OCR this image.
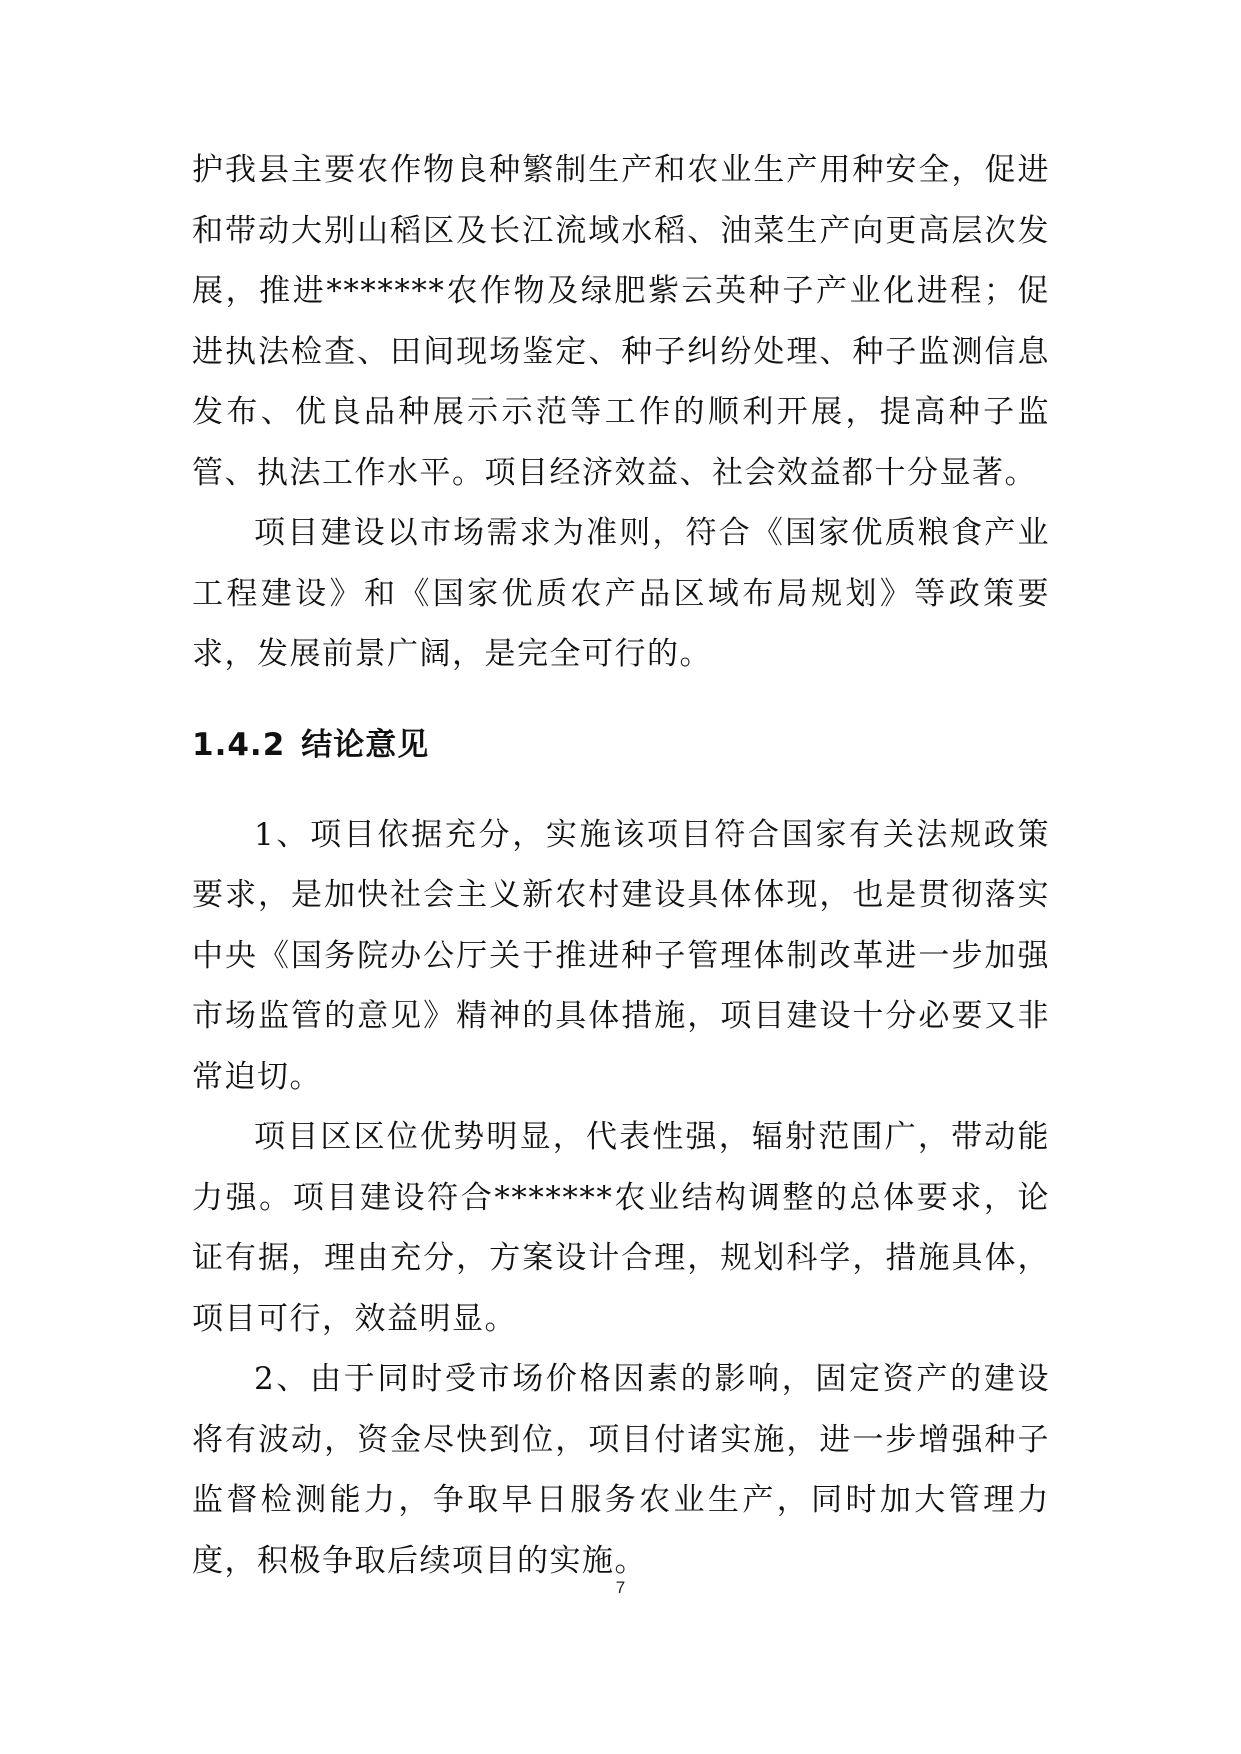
护我县主要农作物良种繁制生产和农业生产用种安全，促进和带动大别山稻区及长江流域水稻、油菜生产向更高层次发展，推进*******农作物及绿肥紫云英种子产业化进程；促进执法检查、田间现场鉴定、种子纠纷处理、种子监测信息发布、优良品种展示示范等工作的顺利开展，提高种子监管、执法工作水平。项目经济效益、社会效益都十分显著。

项目建设以市场需求为准则，符合《国家优质粮食产业工程建设》和《国家优质农产品区域布局规划》等政策要求，发展前景广阔，是完全可行的。

1.4.2 结论意见

1、项目依据充分，实施该项目符合国家有关法规政策要求，是加快社会主义新农村建设具体体现，也是贯彻落实中央《国务院办公厅关于推进种子管理体制改革进一步加强市场监管的意见》精神的具体措施，项目建设十分必要又非常迫切。

项目区区位优势明显，代表性强，辐射范围广，带动能力强。项目建设符合*******农业结构调整的总体要求，论证有据，理由充分，方案设计合理，规划科学，措施具体，项目可行，效益明显。

2、由于同时受市场价格因素的影响，固定资产的建设将有波动，资金尽快到位，项目付诸实施，进一步增强种子监督检测能力，争取早日服务农业生产，同时加大管理力度，积极争取后续项目的实施。

7
